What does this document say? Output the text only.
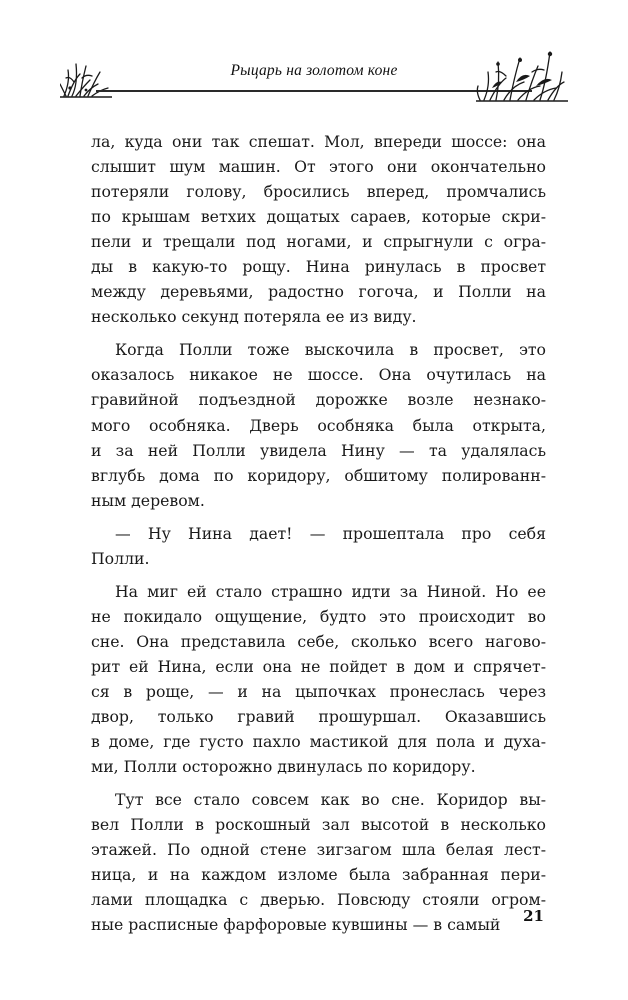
Рыцарь на золотом коне
ла, куда они так спешат. Мол, впереди шоссе: она
слышит шум машин. От этого они окончательно
потеряли голову, бросились вперед, промчались
по крышам ветхих дощатых сараев, которые скри-
пели и трещали под ногами, и спрыгнули с огра-
ды в какую-то рощу. Нина ринулась в просвет
между деревьями, радостно гогоча, и Полли на
несколько секунд потеряла ее из виду.
Когда Полли тоже выскочила в просвет, это
оказалось никакое не шоссе. Она очутилась на
гравийной подъездной дорожке возле незнако-
мого особняка. Дверь особняка была открыта,
и за ней Полли увидела Нину — та удалялась
вглубь дома по коридору, обшитому полированн-
ным деревом.
— Ну Нина дает! — прошептала про себя
Полли.
На миг ей стало страшно идти за Ниной. Но ее
не покидало ощущение, будто это происходит во
сне. Она представила себе, сколько всего нагово-
рит ей Нина, если она не пойдет в дом и спрячет-
ся в роще, — и на цыпочках пронеслась через
двор, только гравий прошуршал. Оказавшись
в доме, где густо пахло мастикой для пола и духа-
ми, Полли осторожно двинулась по коридору.
Тут все стало совсем как во сне. Коридор вы-
вел Полли в роскошный зал высотой в несколько
этажей. По одной стене зигзагом шла белая лест-
ница, и на каждом изломе была забранная пери-
лами площадка с дверью. Повсюду стояли огром-
ные расписные фарфоровые кувшины — в самый	21
